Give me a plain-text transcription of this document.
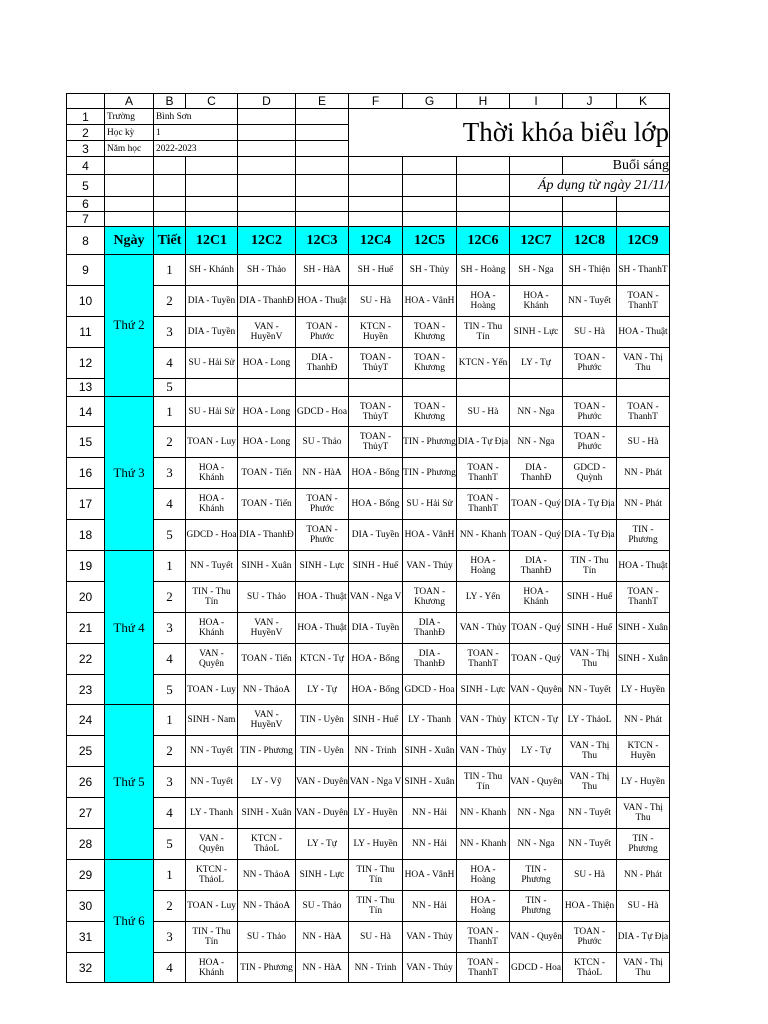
	A	B	C	D	E	F	G	H	I	J	K
1	Trường	Bình Sơn				Thời khóa biểu lớp					
2	Học kỳ	1									
3	Năm học	2022-2023									
4										Buổi sáng	
5									Áp dụng từ ngày 21/11/		
6											
7											
8	Ngày	Tiết	12C1	12C2	12C3	12C4	12C5	12C6	12C7	12C8	12C9
9	Thứ 2	1	SH - Khánh	SH - Thảo	SH - HàA	SH - Huế	SH - Thủy	SH - Hoàng	SH - Nga	SH - Thiện	SH - ThanhT
10		2	DIA - Tuyền	DIA - ThanhĐ	HOA - Thuật	SU - Hà	HOA - VânH	HOA - Hoàng	HOA - Khánh	NN - Tuyết	TOAN - ThanhT
11		3	DIA - Tuyền	VAN - HuyềnV	TOAN - Phước	KTCN - Huyền	TOAN - Khương	TIN - Thu Tín	SINH - Lực	SU - Hà	HOA - Thuật
12		4	SU - Hải Sử	HOA - Long	DIA - ThanhĐ	TOAN - ThủyT	TOAN - Khương	KTCN - Yến	LY - Tự	TOAN - Phước	VAN - Thị Thu
13		5									
14	Thứ 3	1	SU - Hải Sử	HOA - Long	GDCD - Hoa	TOAN - ThủyT	TOAN - Khương	SU - Hà	NN - Nga	TOAN - Phước	TOAN - ThanhT
15		2	TOAN - Luy	HOA - Long	SU - Thảo	TOAN - ThủyT	TIN - Phương	DIA - Tự Địa	NN - Nga	TOAN - Phước	SU - Hà
16		3	HOA - Khánh	TOAN - Tiến	NN - HàA	HOA - Bống	TIN - Phương	TOAN - ThanhT	DIA - ThanhĐ	GDCD - Quỳnh	NN - Phát
17		4	HOA - Khánh	TOAN - Tiến	TOAN - Phước	HOA - Bống	SU - Hải Sử	TOAN - ThanhT	TOAN - Quý	DIA - Tự Địa	NN - Phát
18		5	GDCD - Hoa	DIA - ThanhĐ	TOAN - Phước	DIA - Tuyền	HOA - VânH	NN - Khanh	TOAN - Quý	DIA - Tự Địa	TIN - Phương
19	Thứ 4	1	NN - Tuyết	SINH - Xuân	SINH - Lực	SINH - Huế	VAN - Thủy	HOA - Hoàng	DIA - ThanhĐ	TIN - Thu Tín	HOA - Thuật
20		2	TIN - Thu Tín	SU - Thảo	HOA - Thuật	VAN - Nga V	TOAN - Khương	LY - Yến	HOA - Khánh	SINH - Huế	TOAN - ThanhT
21		3	HOA - Khánh	VAN - HuyềnV	HOA - Thuật	DIA - Tuyền	DIA - ThanhĐ	VAN - Thủy	TOAN - Quý	SINH - Huế	SINH - Xuân
22		4	VAN - Quyên	TOAN - Tiến	KTCN - Tự	HOA - Bống	DIA - ThanhĐ	TOAN - ThanhT	TOAN - Quý	VAN - Thị Thu	SINH - Xuân
23		5	TOAN - Luy	NN - ThảoA	LY - Tự	HOA - Bống	GDCD - Hoa	SINH - Lực	VAN - Quyên	NN - Tuyết	LY - Huyền
24	Thứ 5	1	SINH - Nam	VAN - HuyềnV	TIN - Uyên	SINH - Huế	LY - Thanh	VAN - Thủy	KTCN - Tự	LY - ThảoL	NN - Phát
25		2	NN - Tuyết	TIN - Phương	TIN - Uyên	NN - Trinh	SINH - Xuân	VAN - Thủy	LY - Tự	VAN - Thị Thu	KTCN - Huyền
26		3	NN - Tuyết	LY - Vỹ	VAN - Duyên	VAN - Nga V	SINH - Xuân	TIN - Thu Tín	VAN - Quyên	VAN - Thị Thu	LY - Huyền
27		4	LY - Thanh	SINH - Xuân	VAN - Duyên	LY - Huyền	NN - Hải	NN - Khanh	NN - Nga	NN - Tuyết	VAN - Thị Thu
28		5	VAN - Quyên	KTCN - ThảoL	LY - Tự	LY - Huyền	NN - Hải	NN - Khanh	NN - Nga	NN - Tuyết	TIN - Phương
29	Thứ 6	1	KTCN - ThảoL	NN - ThảoA	SINH - Lực	TIN - Thu Tín	HOA - VânH	HOA - Hoàng	TIN - Phương	SU - Hà	NN - Phát
30		2	TOAN - Luy	NN - ThảoA	SU - Thảo	TIN - Thu Tín	NN - Hải	HOA - Hoàng	TIN - Phương	HOA - Thiện	SU - Hà
31		3	TIN - Thu Tín	SU - Thảo	NN - HàA	SU - Hà	VAN - Thủy	TOAN - ThanhT	VAN - Quyên	TOAN - Phước	DIA - Tự Địa
32		4	HOA - Khánh	TIN - Phương	NN - HàA	NN - Trinh	VAN - Thủy	TOAN - ThanhT	GDCD - Hoa	KTCN - ThảoL	VAN - Thị Thu
